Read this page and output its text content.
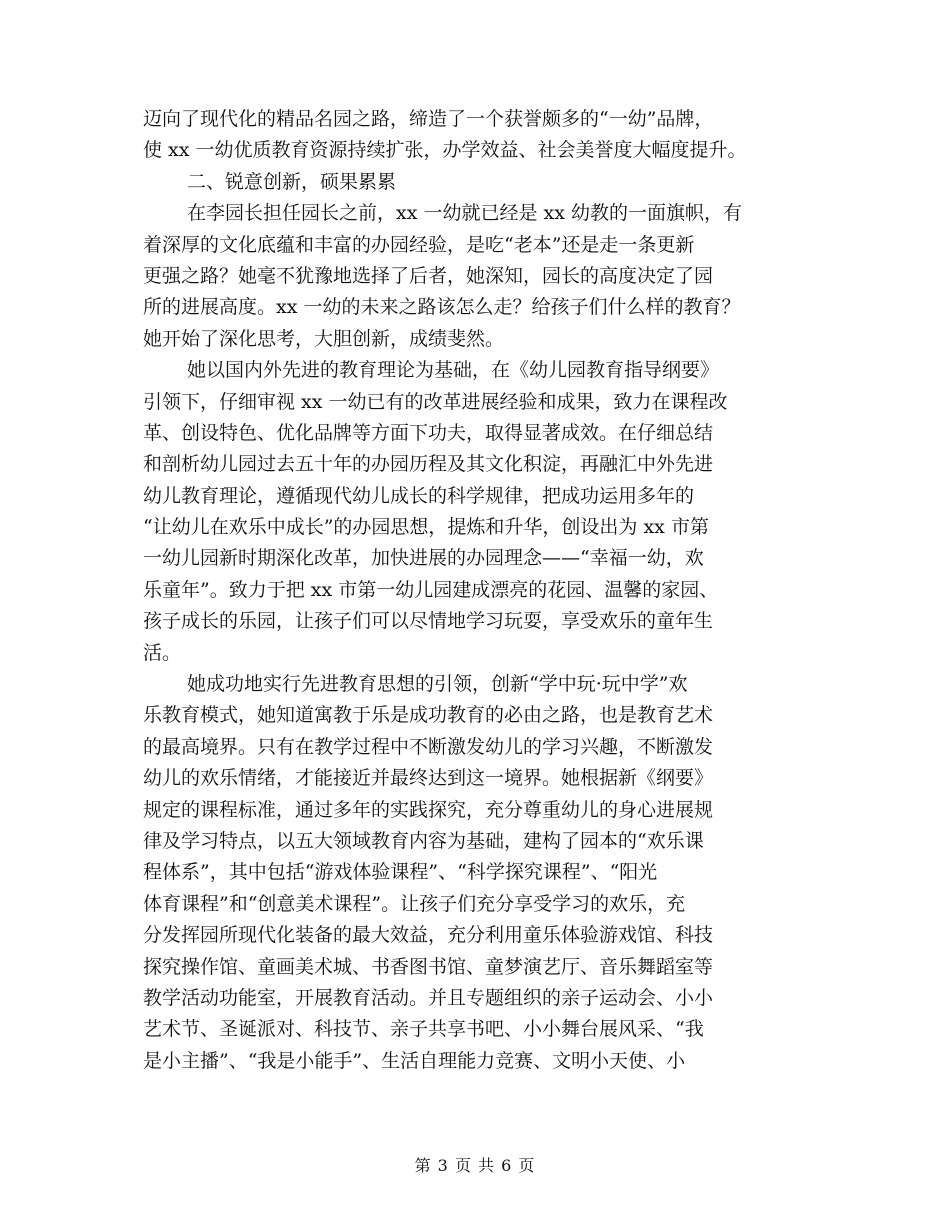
迈向了现代化的精品名园之路，缔造了一个获誉颇多的“一幼”品牌，
使 xx 一幼优质教育资源持续扩张，办学效益、社会美誉度大幅度提升。
二、锐意创新，硕果累累
在李园长担任园长之前，xx 一幼就已经是 xx 幼教的一面旗帜，有
着深厚的文化底蕴和丰富的办园经验，是吃“老本”还是走一条更新
更强之路？她毫不犹豫地选择了后者，她深知，园长的高度决定了园
所的进展高度。xx 一幼的未来之路该怎么走？给孩子们什么样的教育？
她开始了深化思考，大胆创新，成绩斐然。
她以国内外先进的教育理论为基础，在《幼儿园教育指导纲要》
引领下，仔细审视 xx 一幼已有的改革进展经验和成果，致力在课程改
革、创设特色、优化品牌等方面下功夫，取得显著成效。在仔细总结
和剖析幼儿园过去五十年的办园历程及其文化积淀，再融汇中外先进
幼儿教育理论，遵循现代幼儿成长的科学规律，把成功运用多年的
“让幼儿在欢乐中成长”的办园思想，提炼和升华，创设出为 xx 市第
一幼儿园新时期深化改革，加快进展的办园理念——“幸福一幼，欢
乐童年”。致力于把 xx 市第一幼儿园建成漂亮的花园、温馨的家园、
孩子成长的乐园，让孩子们可以尽情地学习玩耍，享受欢乐的童年生
活。
她成功地实行先进教育思想的引领，创新“学中玩·玩中学”欢
乐教育模式，她知道寓教于乐是成功教育的必由之路，也是教育艺术
的最高境界。只有在教学过程中不断激发幼儿的学习兴趣，不断激发
幼儿的欢乐情绪，才能接近并最终达到这一境界。她根据新《纲要》
规定的课程标准，通过多年的实践探究，充分尊重幼儿的身心进展规
律及学习特点，以五大领域教育内容为基础，建构了园本的“欢乐课
程体系”，其中包括“游戏体验课程”、“科学探究课程”、“阳光
体育课程”和“创意美术课程”。让孩子们充分享受学习的欢乐，充
分发挥园所现代化装备的最大效益，充分利用童乐体验游戏馆、科技
探究操作馆、童画美术城、书香图书馆、童梦演艺厅、音乐舞蹈室等
教学活动功能室，开展教育活动。并且专题组织的亲子运动会、小小
艺术节、圣诞派对、科技节、亲子共享书吧、小小舞台展风采、“我
是小主播”、“我是小能手”、生活自理能力竞赛、文明小天使、小
第 3 页 共 6 页
